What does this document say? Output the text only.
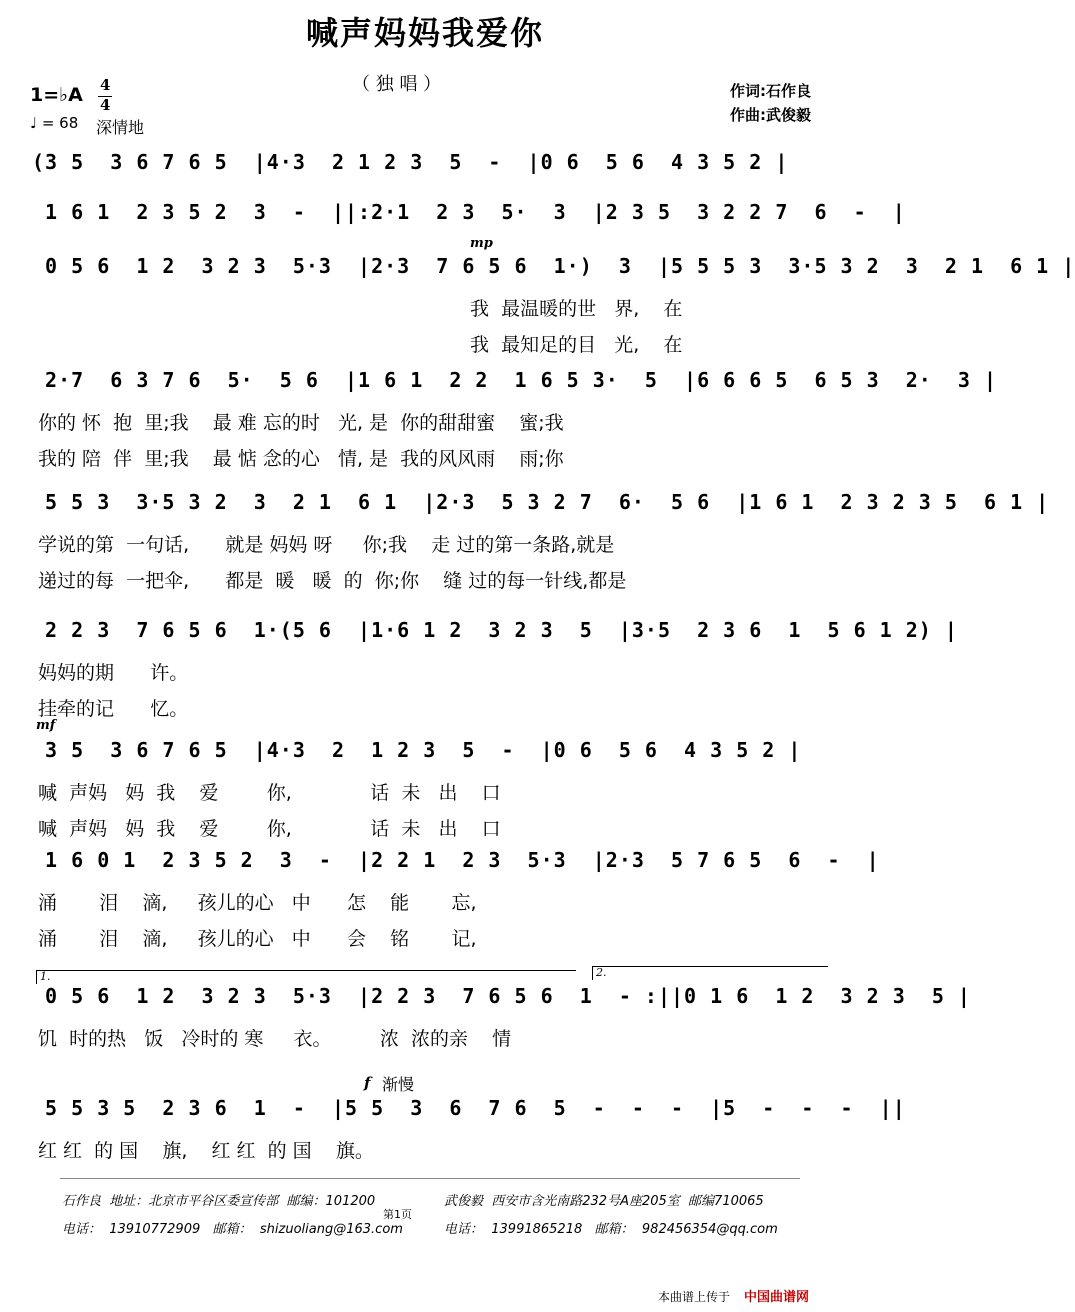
喊声妈妈我爱你
（ 独 唱 ）
1=♭A 4
4
♩ = 68 深情地
作词:石作良
作曲:武俊毅
(3 5  3 6 7 6 5  |4·3  2 1 2 3  5  -  |0 6  5 6  4 3 5 2 |
1 6 1  2 3 5 2  3  -  ||:2·1  2 3  5·  3  |2 3 5  3 2 2 7  6  -  |
0 5 6  1 2  3 2 3  5·3  |2·3  7 6 5 6  1·)  3  |5 5 5 3  3·5 3 2  3  2 1  6 1 |
我  最温暖的世   界,    在
我  最知足的目   光,    在
2·7  6 3 7 6  5·  5 6  |1 6 1  2 2  1 6 5 3·  5  |6 6 6 5  6 5 3  2·  3 |
你的 怀  抱  里;我    最 难 忘的时   光, 是  你的甜甜蜜    蜜;我
我的 陪  伴  里;我    最 惦 念的心   情, 是  我的风风雨    雨;你
5 5 3  3·5 3 2  3  2 1  6 1  |2·3  5 3 2 7  6·  5 6  |1 6 1  2 3 2 3 5  6 1 |
学说的第  一句话,      就是 妈妈 呀     你;我    走 过的第一条路,就是
递过的每  一把伞,      都是  暖   暖  的  你;你    缝 过的每一针线,都是
2 2 3  7 6 5 6  1·(5 6  |1·6 1 2  3 2 3  5  |3·5  2 3 6  1  5 6 1 2) |
妈妈的期      许。
挂牵的记      忆。
3 5  3 6 7 6 5  |4·3  2  1 2 3  5  -  |0 6  5 6  4 3 5 2 |
喊  声妈   妈  我    爱        你,             话  未   出    口
喊  声妈   妈  我    爱        你,             话  未   出    口
1 6 0 1  2 3 5 2  3  -  |2 2 1  2 3  5·3  |2·3  5 7 6 5  6  -  |
涌       泪    滴,     孩儿的心   中      怎    能       忘,
涌       泪    滴,     孩儿的心   中      会    铭       记,
0 5 6  1 2  3 2 3  5·3  |2 2 3  7 6 5 6  1  - :||0 1 6  1 2  3 2 3  5 |
饥  时的热   饭   冷时的 寒     衣。        浓  浓的亲    情
5 5 3 5  2 3 6  1  -  |5 5  3  6  7 6  5  -  -  -  |5  -  -  -  ||
红 红  的 国    旗,    红 红  的 国    旗。
mp
mf
f 渐慢
1.	2.
石作良  地址：北京市平谷区委宣传部  邮编：101200	武俊毅  西安市含光南路232号A座205室  邮编710065
第1页
电话：  13910772909   邮箱：  shizuoliang@163.com	电话：  13991865218   邮箱：  982456354@qq.com
本曲谱上传于 中国曲谱网
